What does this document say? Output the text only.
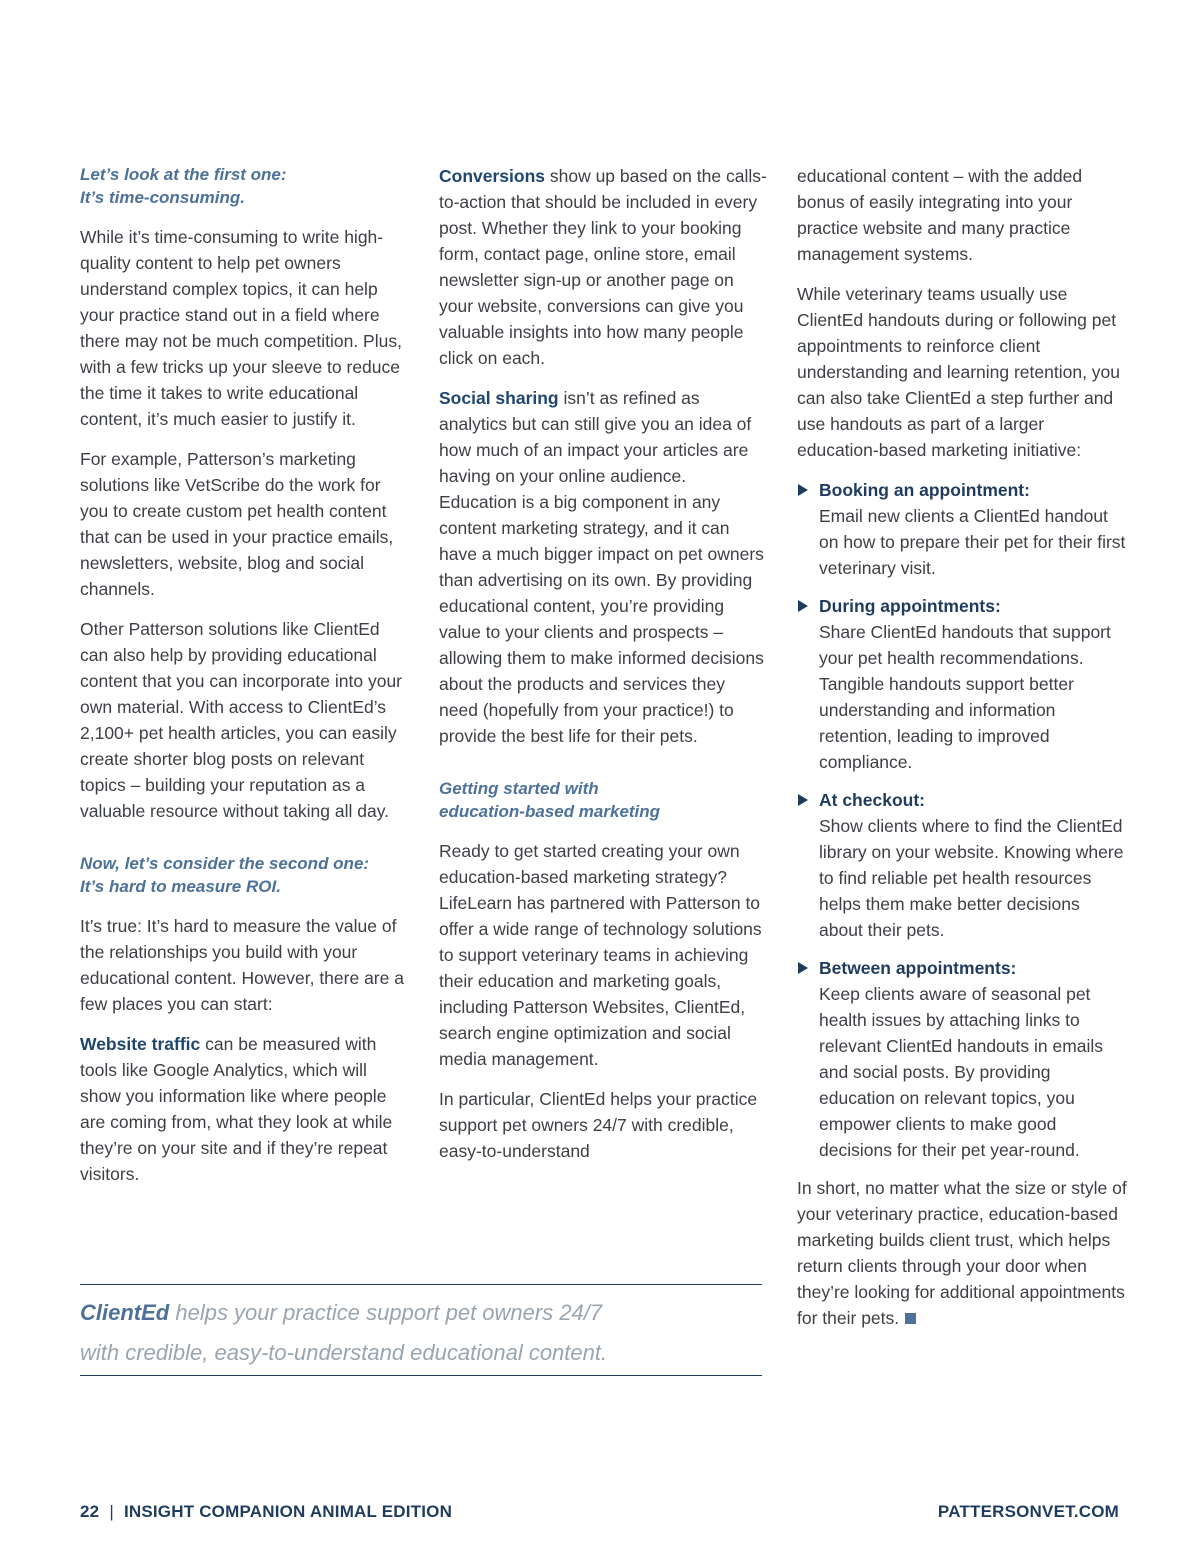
Let’s look at the first one:
It’s time-consuming.

While it’s time-consuming to write high-quality content to help pet owners understand complex topics, it can help your practice stand out in a field where there may not be much competition. Plus, with a few tricks up your sleeve to reduce the time it takes to write educational content, it’s much easier to justify it.

For example, Patterson’s marketing solutions like VetScribe do the work for you to create custom pet health content that can be used in your practice emails, newsletters, website, blog and social channels.

Other Patterson solutions like ClientEd can also help by providing educational content that you can incorporate into your own material. With access to ClientEd’s 2,100+ pet health articles, you can easily create shorter blog posts on relevant topics – building your reputation as a valuable resource without taking all day.

Now, let’s consider the second one:
It’s hard to measure ROI.

It’s true: It’s hard to measure the value of the relationships you build with your educational content. However, there are a few places you can start:

Website traffic can be measured with tools like Google Analytics, which will show you information like where people are coming from, what they look at while they’re on your site and if they’re repeat visitors.

Conversions show up based on the calls-to-action that should be included in every post. Whether they link to your booking form, contact page, online store, email newsletter sign-up or another page on your website, conversions can give you valuable insights into how many people click on each.

Social sharing isn’t as refined as analytics but can still give you an idea of how much of an impact your articles are having on your online audience. Education is a big component in any content marketing strategy, and it can have a much bigger impact on pet owners than advertising on its own. By providing educational content, you’re providing value to your clients and prospects – allowing them to make informed decisions about the products and services they need (hopefully from your practice!) to provide the best life for their pets.

Getting started with
education-based marketing

Ready to get started creating your own education-based marketing strategy? LifeLearn has partnered with Patterson to offer a wide range of technology solutions to support veterinary teams in achieving their education and marketing goals, including Patterson Websites, ClientEd, search engine optimization and social media management.

In particular, ClientEd helps your practice support pet owners 24/7 with credible, easy-to-understand

educational content – with the added bonus of easily integrating into your practice website and many practice management systems.

While veterinary teams usually use ClientEd handouts during or following pet appointments to reinforce client understanding and learning retention, you can also take ClientEd a step further and use handouts as part of a larger education-based marketing initiative:

Booking an appointment:
Email new clients a ClientEd handout on how to prepare their pet for their first veterinary visit.
During appointments:
Share ClientEd handouts that support your pet health recommendations. Tangible handouts support better understanding and information retention, leading to improved compliance.
At checkout:
Show clients where to find the ClientEd library on your website. Knowing where to find reliable pet health resources helps them make better decisions about their pets.
Between appointments:
Keep clients aware of seasonal pet health issues by attaching links to relevant ClientEd handouts in emails and social posts. By providing education on relevant topics, you empower clients to make good decisions for their pet year-round.

In short, no matter what the size or style of your veterinary practice, education-based marketing builds client trust, which helps return clients through your door when they’re looking for additional appointments for their pets.

ClientEd helps your practice support pet owners 24/7
with credible, easy-to-understand educational content.
22 | INSIGHT COMPANION ANIMAL EDITION	PATTERSONVET.COM
